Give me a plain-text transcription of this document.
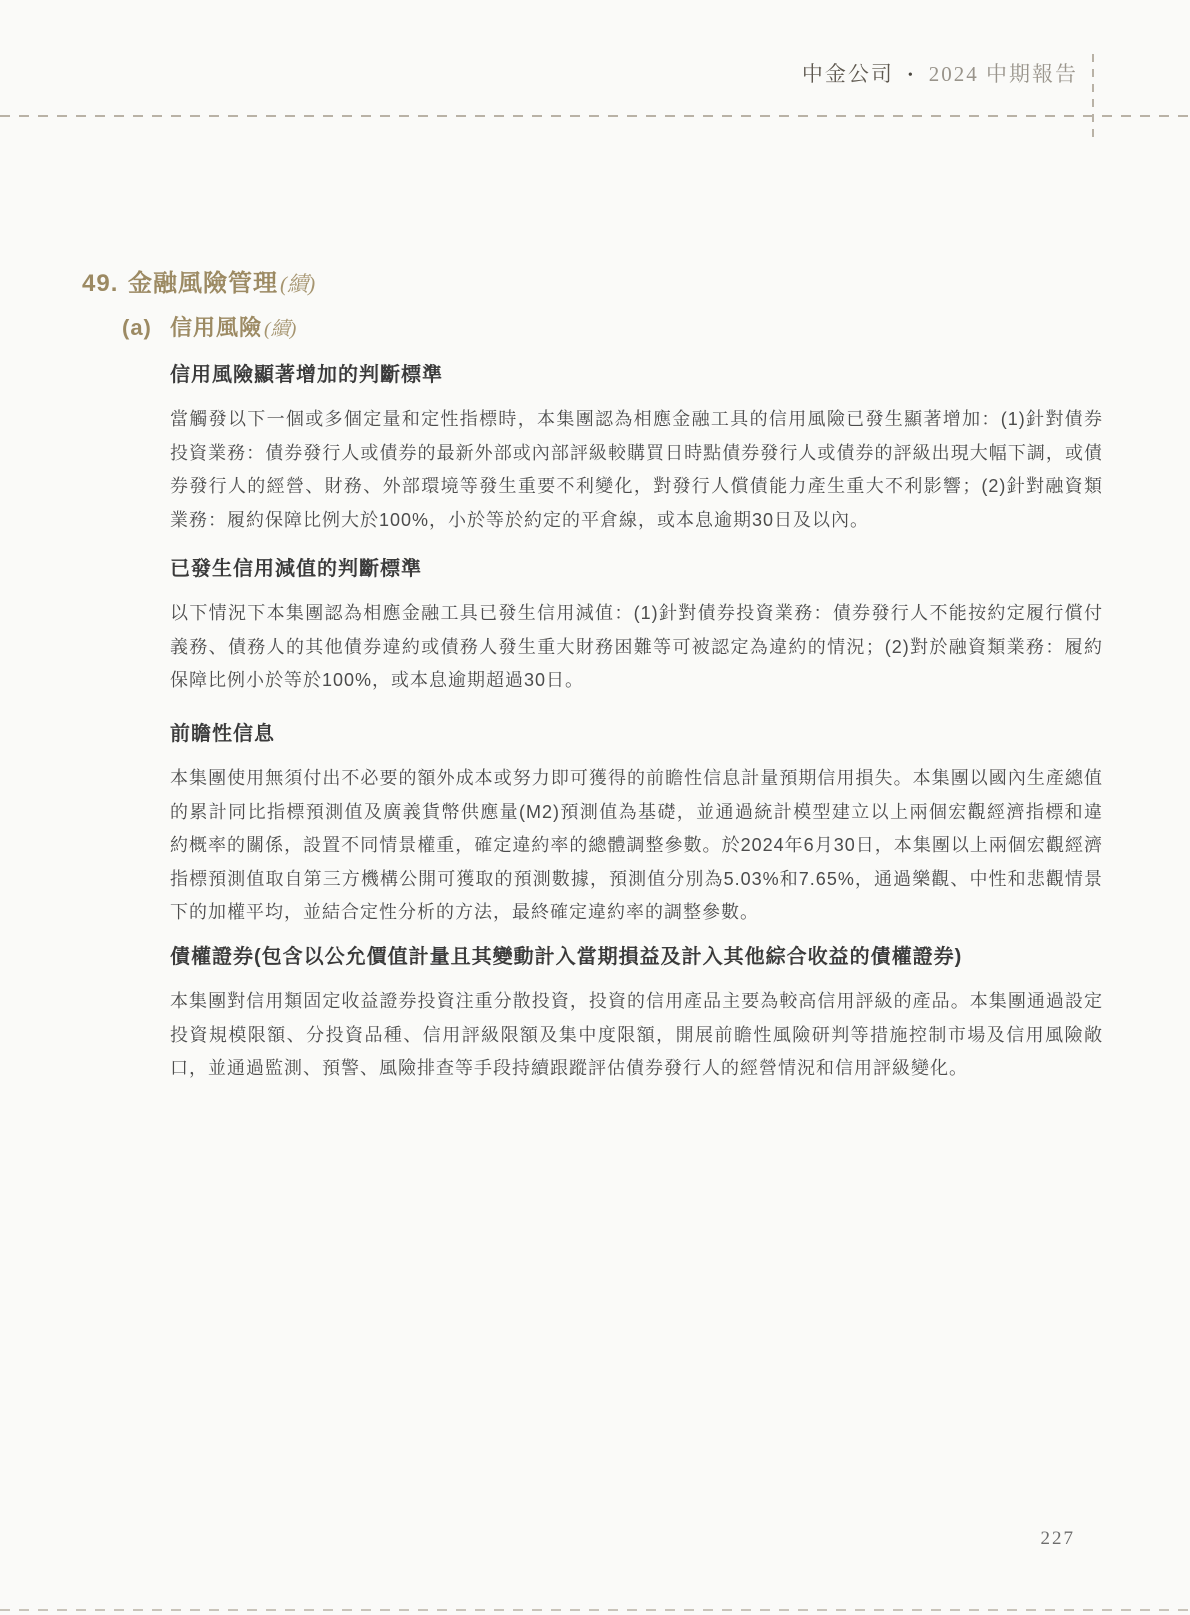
中金公司 • 2024 中期報告
49. 金融風險管理(續)
(a) 信用風險 (續)
信用風險顯著增加的判斷標準

當觸發以下一個或多個定量和定性指標時，本集團認為相應金融工具的信用風險已發生顯著增加：(1)針對債券投資業務：債券發行人或債券的最新外部或內部評級較購買日時點債券發行人或債券的評級出現大幅下調，或債券發行人的經營、財務、外部環境等發生重要不利變化，對發行人償債能力產生重大不利影響；(2)針對融資類業務：履約保障比例大於100%，小於等於約定的平倉線，或本息逾期30日及以內。

已發生信用減值的判斷標準

以下情況下本集團認為相應金融工具已發生信用減值：(1)針對債券投資業務：債券發行人不能按約定履行償付義務、債務人的其他債券違約或債務人發生重大財務困難等可被認定為違約的情況；(2)對於融資類業務：履約保障比例小於等於100%，或本息逾期超過30日。

前瞻性信息

本集團使用無須付出不必要的額外成本或努力即可獲得的前瞻性信息計量預期信用損失。本集團以國內生產總值的累計同比指標預測值及廣義貨幣供應量(M2)預測值為基礎，並通過統計模型建立以上兩個宏觀經濟指標和違約概率的關係，設置不同情景權重，確定違約率的總體調整參數。於2024年6月30日，本集團以上兩個宏觀經濟指標預測值取自第三方機構公開可獲取的預測數據，預測值分別為5.03%和7.65%，通過樂觀、中性和悲觀情景下的加權平均，並結合定性分析的方法，最終確定違約率的調整參數。

債權證券(包含以公允價值計量且其變動計入當期損益及計入其他綜合收益的債權證券)

本集團對信用類固定收益證券投資注重分散投資，投資的信用產品主要為較高信用評級的產品。本集團通過設定投資規模限額、分投資品種、信用評級限額及集中度限額，開展前瞻性風險研判等措施控制市場及信用風險敞口，並通過監測、預警、風險排查等手段持續跟蹤評估債券發行人的經營情況和信用評級變化。

227
